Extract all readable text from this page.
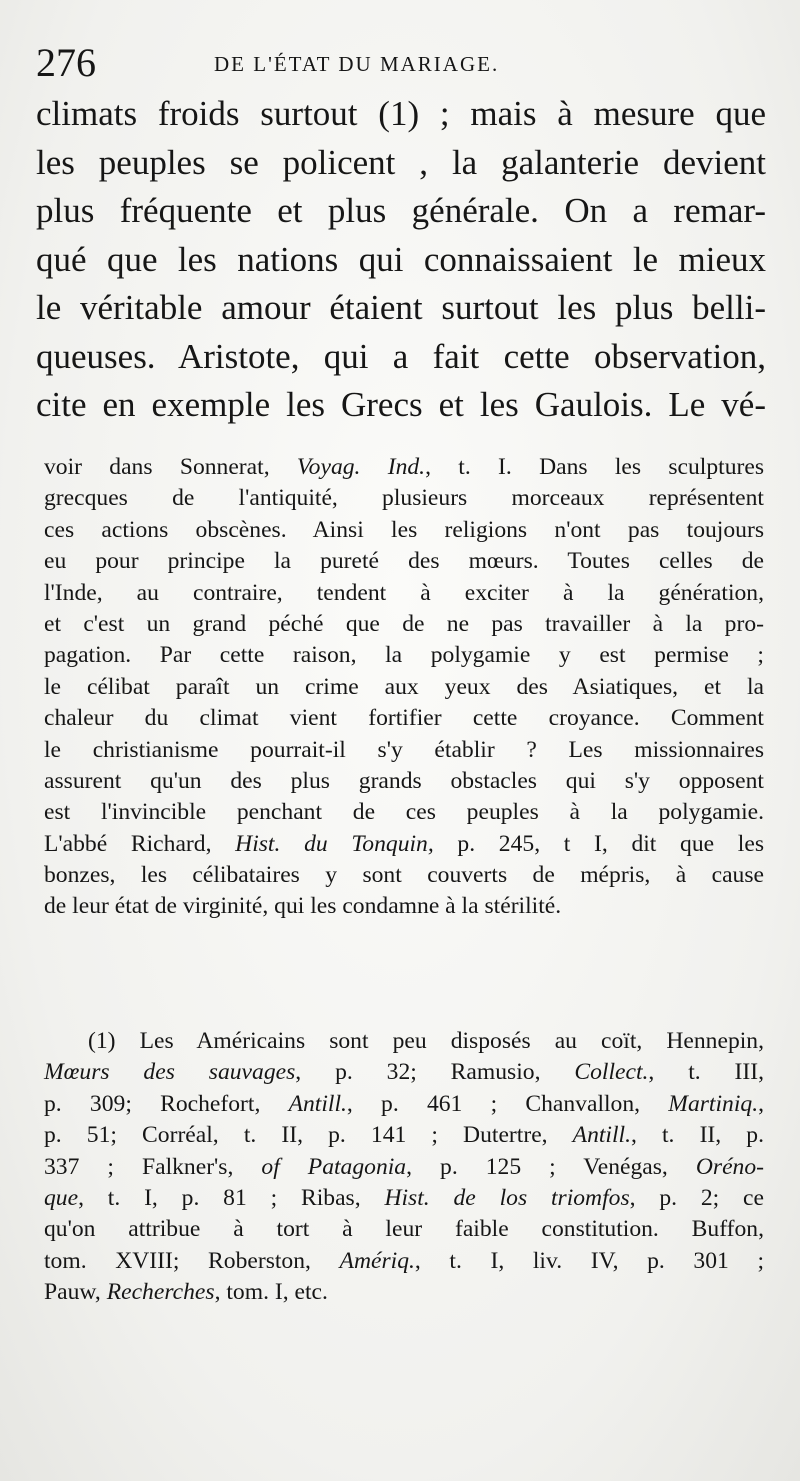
276	DE L'ÉTAT DU MARIAGE.
climats froids surtout (1) ; mais à mesure que
les peuples se policent , la galanterie devient
plus fréquente et plus générale. On a remar-
qué que les nations qui connaissaient le mieux
le véritable amour étaient surtout les plus belli-
queuses. Aristote, qui a fait cette observation,
cite en exemple les Grecs et les Gaulois. Le vé-
voir dans Sonnerat, Voyag. Ind., t. I. Dans les sculptures
grecques de l'antiquité, plusieurs morceaux représentent
ces actions obscènes. Ainsi les religions n'ont pas toujours
eu pour principe la pureté des mœurs. Toutes celles de
l'Inde, au contraire, tendent à exciter à la génération,
et c'est un grand péché que de ne pas travailler à la pro-
pagation. Par cette raison, la polygamie y est permise ;
le célibat paraît un crime aux yeux des Asiatiques, et la
chaleur du climat vient fortifier cette croyance. Comment
le christianisme pourrait-il s'y établir ? Les missionnaires
assurent qu'un des plus grands obstacles qui s'y opposent
est l'invincible penchant de ces peuples à la polygamie.
L'abbé Richard, Hist. du Tonquin, p. 245, t I, dit que les
bonzes, les célibataires y sont couverts de mépris, à cause
de leur état de virginité, qui les condamne à la stérilité.
(1) Les Américains sont peu disposés au coït, Hennepin,
Mœurs des sauvages, p. 32; Ramusio, Collect., t. III,
p. 309; Rochefort, Antill., p. 461 ; Chanvallon, Martiniq.,
p. 51; Corréal, t. II, p. 141 ; Dutertre, Antill., t. II, p.
337 ; Falkner's, of Patagonia, p. 125 ; Venégas, Oréno-
que, t. I, p. 81 ; Ribas, Hist. de los triomfos, p. 2; ce
qu'on attribue à tort à leur faible constitution. Buffon,
tom. XVIII; Roberston, Amériq., t. I, liv. IV, p. 301 ;
Pauw, Recherches, tom. I, etc.
